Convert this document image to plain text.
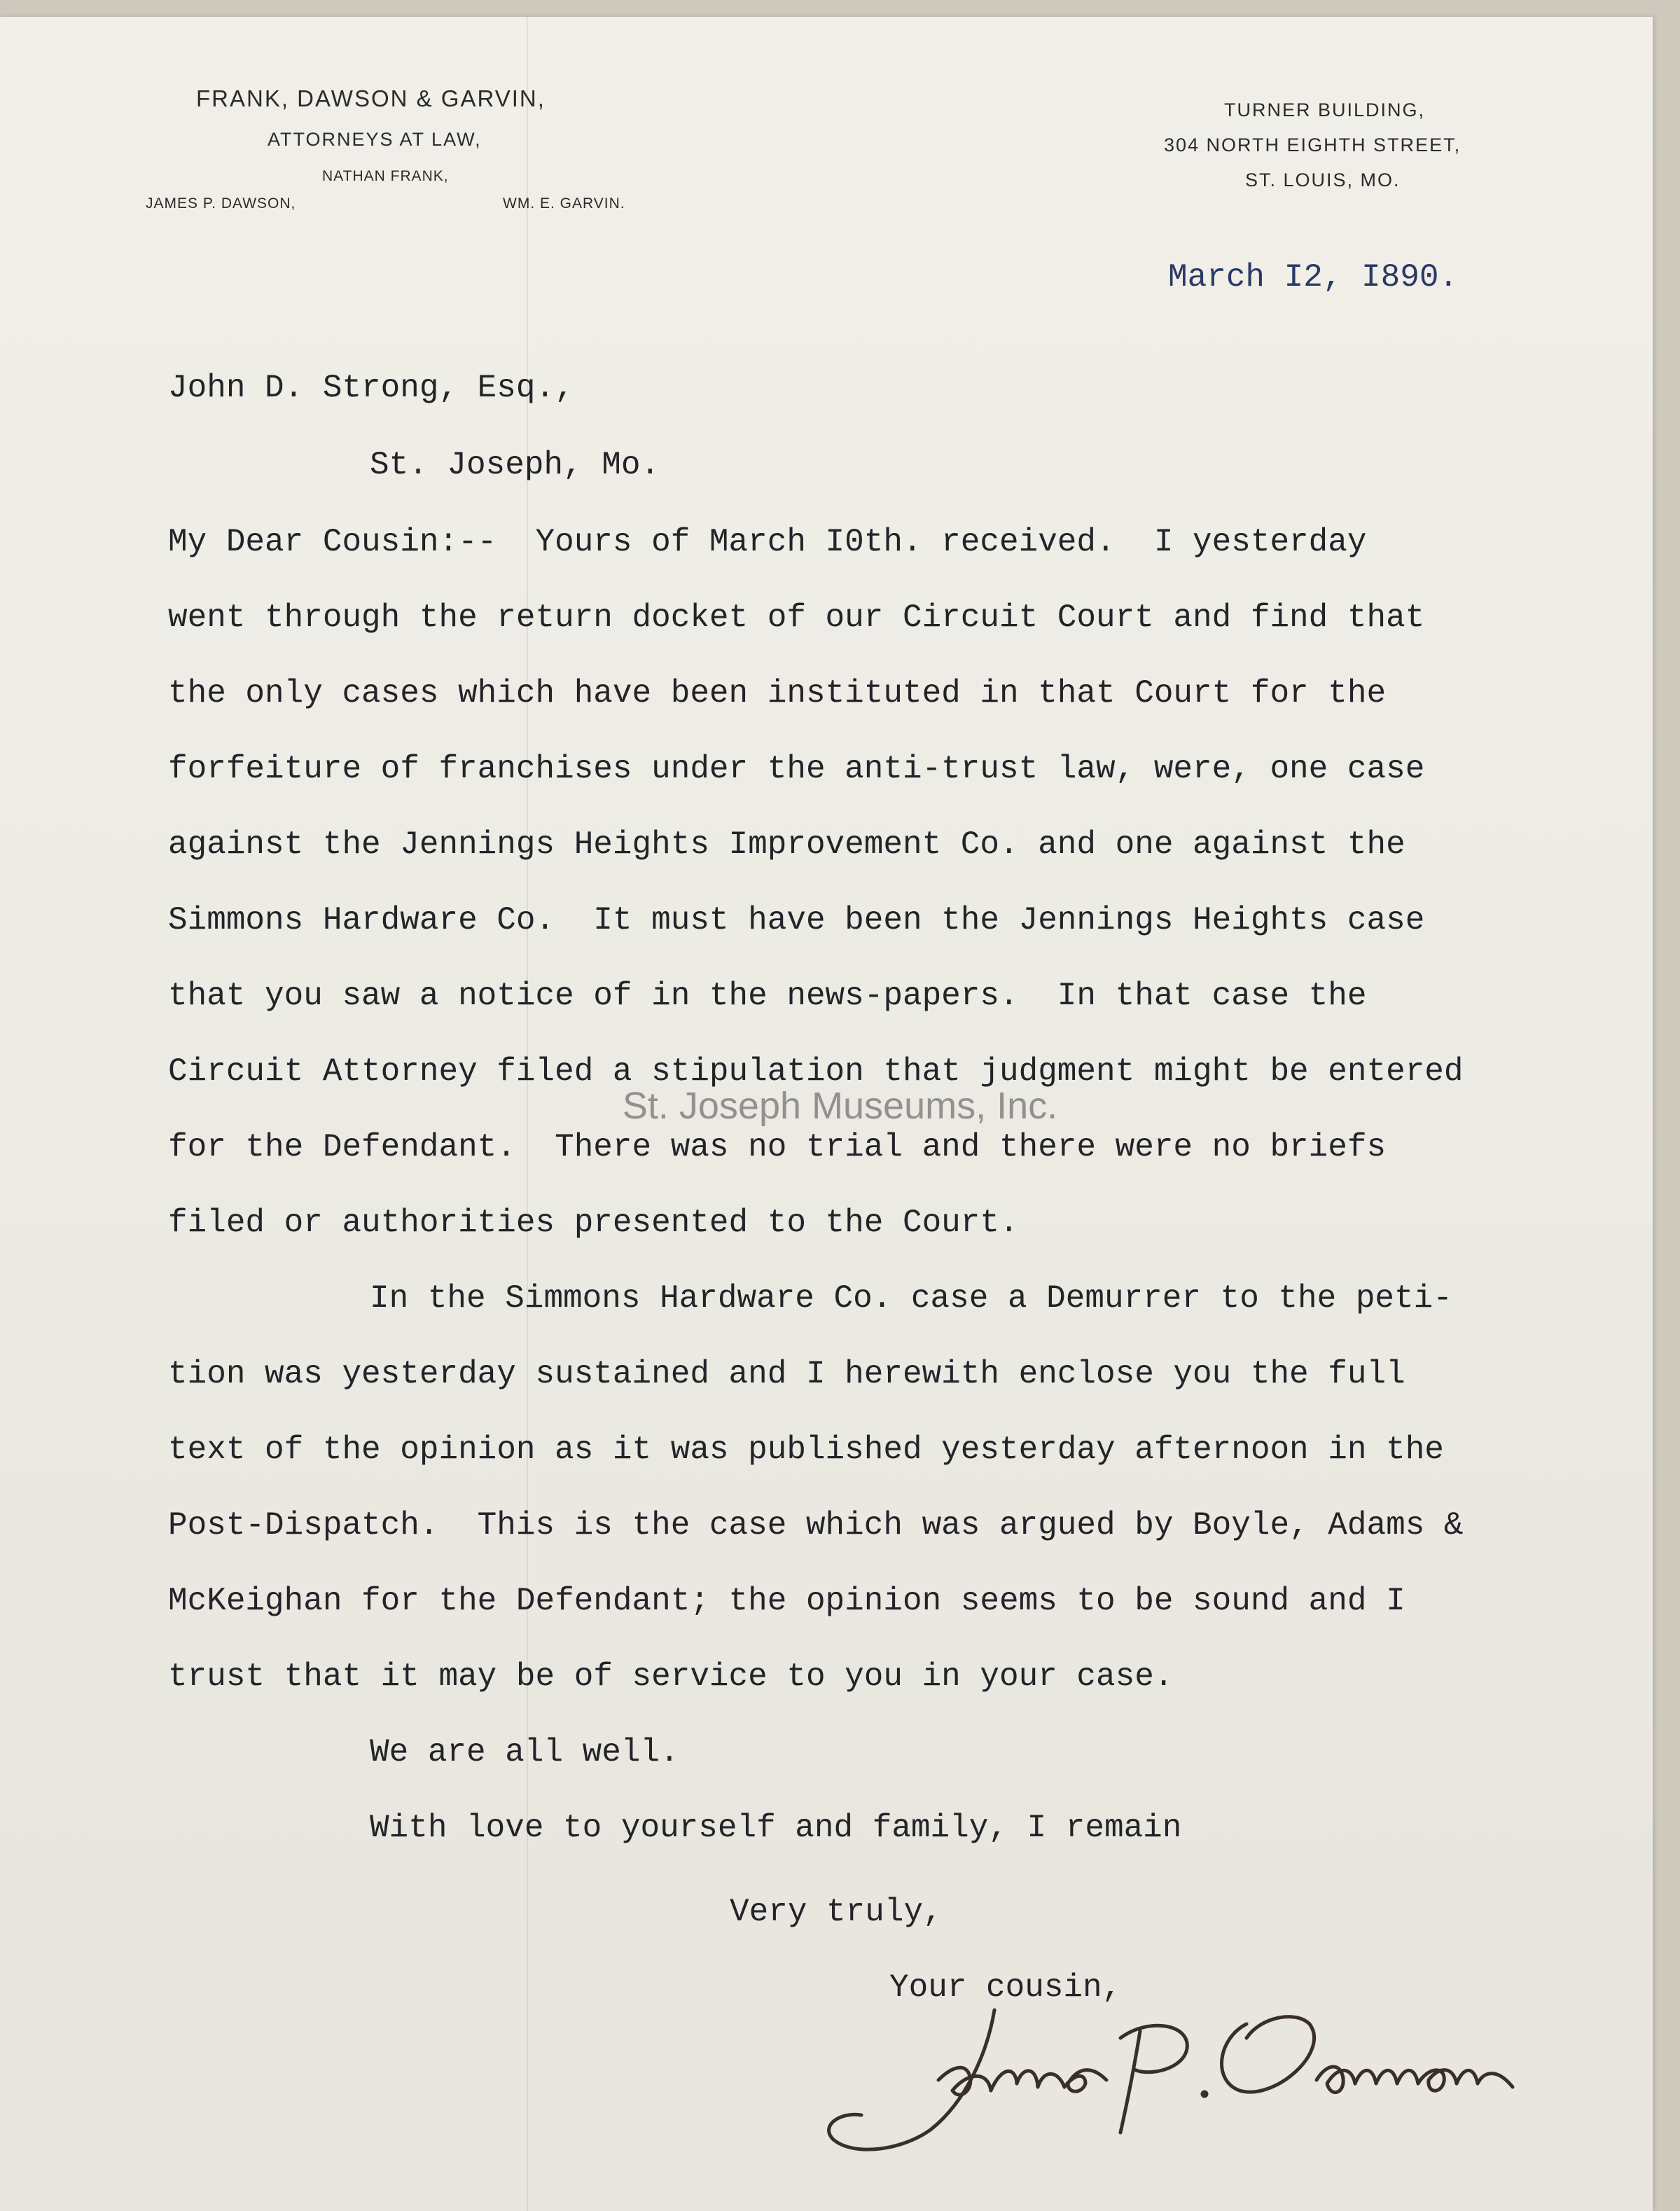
FRANK, DAWSON & GARVIN,
ATTORNEYS AT LAW,
NATHAN FRANK,
JAMES P. DAWSON,	WM. E. GARVIN.
TURNER BUILDING,
304 NORTH EIGHTH STREET,
ST. LOUIS, MO.
March I2, I890.
John D. Strong, Esq.,
St. Joseph, Mo.
My Dear Cousin:--  Yours of March I0th. received.  I yesterday
went through the return docket of our Circuit Court and find that
the only cases which have been instituted in that Court for the
forfeiture of franchises under the anti-trust law, were, one case
against the Jennings Heights Improvement Co. and one against the
Simmons Hardware Co.  It must have been the Jennings Heights case
that you saw a notice of in the news-papers.  In that case the
Circuit Attorney filed a stipulation that judgment might be entered
for the Defendant.  There was no trial and there were no briefs
filed or authorities presented to the Court.
In the Simmons Hardware Co. case a Demurrer to the peti-
tion was yesterday sustained and I herewith enclose you the full
text of the opinion as it was published yesterday afternoon in the
Post-Dispatch.  This is the case which was argued by Boyle, Adams &
McKeighan for the Defendant; the opinion seems to be sound and I
trust that it may be of service to you in your case.
We are all well.
With love to yourself and family, I remain
Very truly,
Your cousin,
St. Joseph Museums, Inc.
